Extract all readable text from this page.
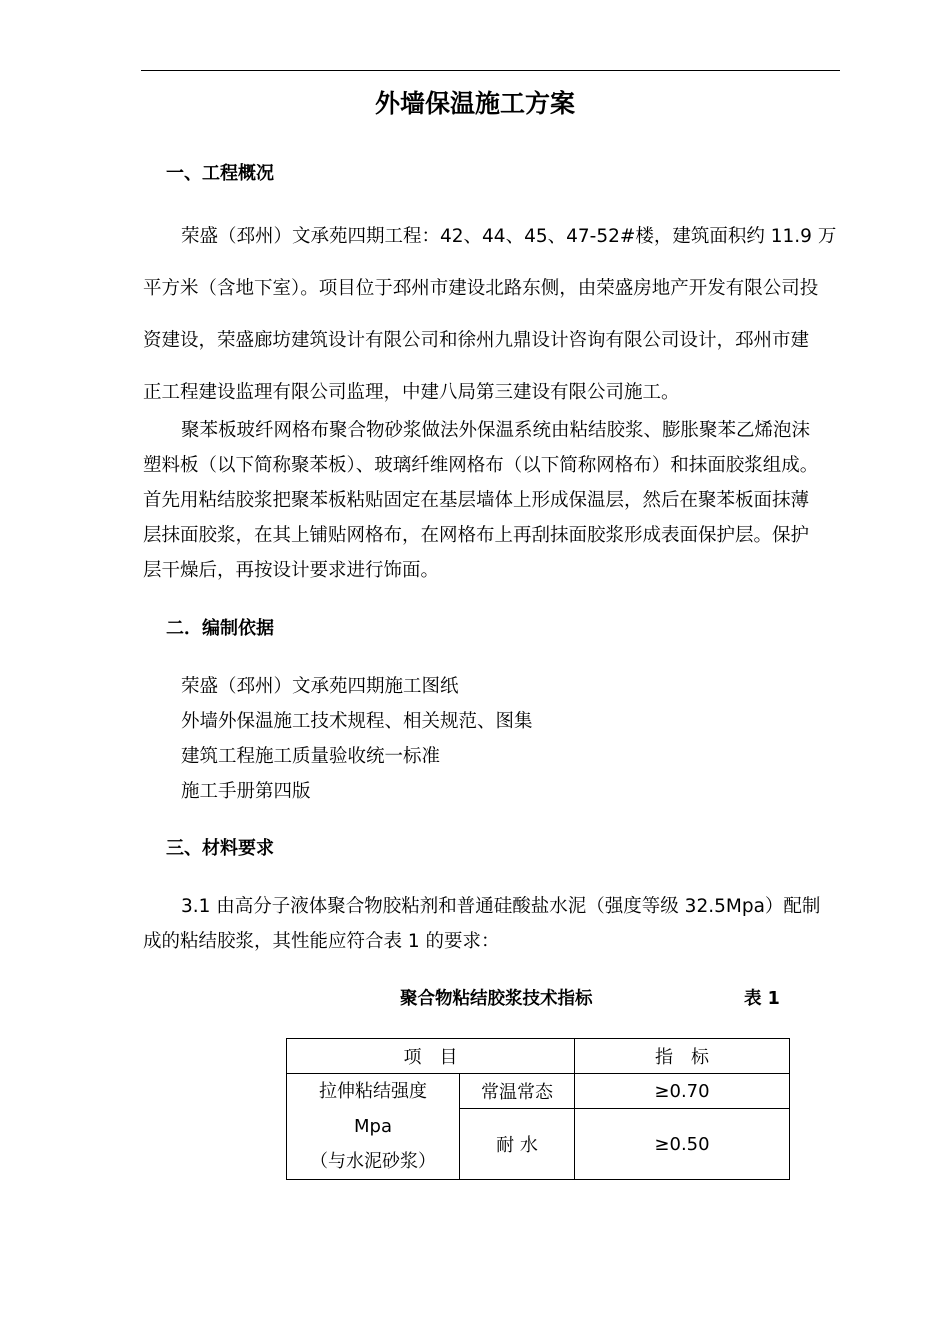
外墙保温施工方案
一、工程概况
荣盛（邳州）文承苑四期工程：42、44、45、47-52#楼，建筑面积约 11.9 万
平方米（含地下室）。项目位于邳州市建设北路东侧，由荣盛房地产开发有限公司投
资建设，荣盛廊坊建筑设计有限公司和徐州九鼎设计咨询有限公司设计，邳州市建
正工程建设监理有限公司监理，中建八局第三建设有限公司施工。
聚苯板玻纤网格布聚合物砂浆做法外保温系统由粘结胶浆、膨胀聚苯乙烯泡沫
塑料板（以下简称聚苯板）、玻璃纤维网格布（以下简称网格布）和抹面胶浆组成。
首先用粘结胶浆把聚苯板粘贴固定在基层墙体上形成保温层，然后在聚苯板面抹薄
层抹面胶浆，在其上铺贴网格布，在网格布上再刮抹面胶浆形成表面保护层。保护
层干燥后，再按设计要求进行饰面。
二．编制依据
荣盛（邳州）文承苑四期施工图纸
外墙外保温施工技术规程、相关规范、图集
建筑工程施工质量验收统一标准
施工手册第四版
三、材料要求
3.1 由高分子液体聚合物胶粘剂和普通硅酸盐水泥（强度等级 32.5Mpa）配制
成的粘结胶浆，其性能应符合表 1 的要求：
聚合物粘结胶浆技术指标	表 1
项　目		指　标

拉伸粘结强度
Mpa
（与水泥砂浆）	常温常态	≥0.70
	耐 水	≥0.50
